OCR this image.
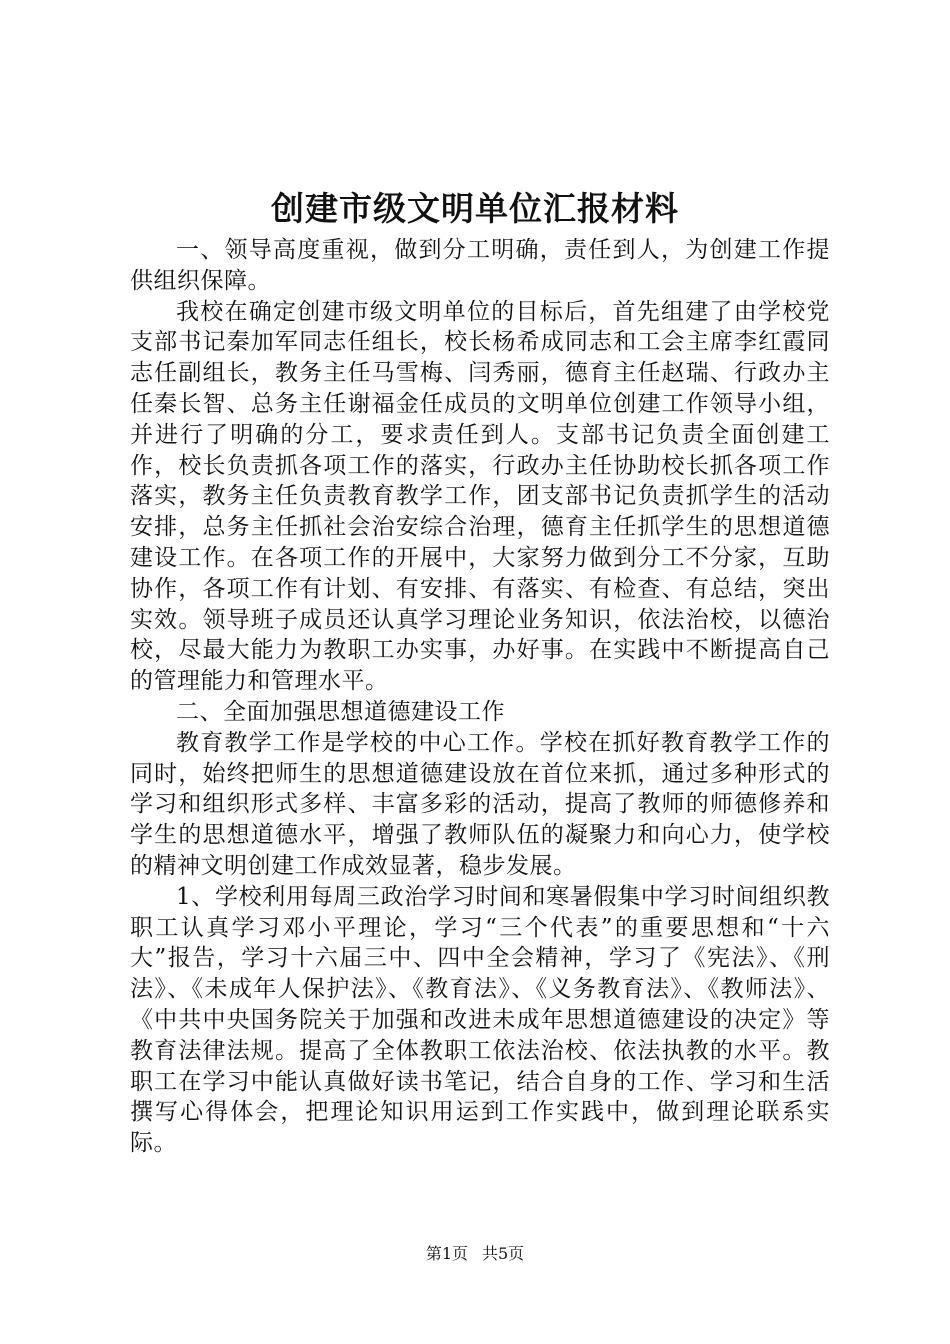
创建市级文明单位汇报材料

一、领导高度重视，做到分工明确，责任到人，为创建工作提供组织保障。

我校在确定创建市级文明单位的目标后，首先组建了由学校党支部书记秦加军同志任组长，校长杨希成同志和工会主席李红霞同志任副组长，教务主任马雪梅、闫秀丽，德育主任赵瑞、行政办主任秦长智、总务主任谢福金任成员的文明单位创建工作领导小组，并进行了明确的分工，要求责任到人。支部书记负责全面创建工作，校长负责抓各项工作的落实，行政办主任协助校长抓各项工作落实，教务主任负责教育教学工作，团支部书记负责抓学生的活动安排，总务主任抓社会治安综合治理，德育主任抓学生的思想道德建设工作。在各项工作的开展中，大家努力做到分工不分家，互助协作，各项工作有计划、有安排、有落实、有检查、有总结，突出实效。领导班子成员还认真学习理论业务知识，依法治校，以德治校，尽最大能力为教职工办实事，办好事。在实践中不断提高自己的管理能力和管理水平。

二、全面加强思想道德建设工作

教育教学工作是学校的中心工作。学校在抓好教育教学工作的同时，始终把师生的思想道德建设放在首位来抓，通过多种形式的学习和组织形式多样、丰富多彩的活动，提高了教师的师德修养和学生的思想道德水平，增强了教师队伍的凝聚力和向心力，使学校的精神文明创建工作成效显著，稳步发展。

1、学校利用每周三政治学习时间和寒暑假集中学习时间组织教职工认真学习邓小平理论，学习“三个代表”的重要思想和“十六大”报告，学习十六届三中、四中全会精神，学习了《宪法》、《刑法》、《未成年人保护法》、《教育法》、《义务教育法》、《教师法》、《中共中央国务院关于加强和改进未成年思想道德建设的决定》等教育法律法规。提高了全体教职工依法治校、依法执教的水平。教职工在学习中能认真做好读书笔记，结合自身的工作、学习和生活撰写心得体会，把理论知识用运到工作实践中，做到理论联系实际。

第1页 共5页
